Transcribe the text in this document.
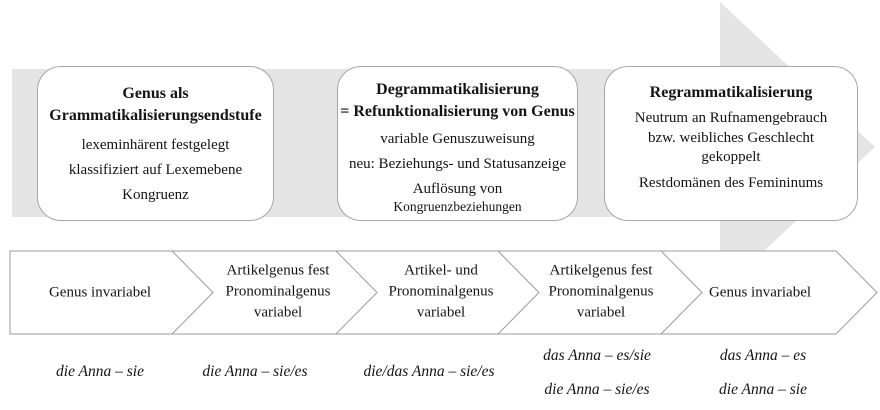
Genus als
Grammatikalisierungsendstufe
lexeminhärent festgelegt
klassifiziert auf Lexemebene
Kongruenz
Degrammatikalisierung
= Refunktionalisierung von Genus
variable Genuszuweisung
neu: Beziehungs- und Statusanzeige
Auflösung von
Kongruenzbeziehungen
Regrammatikalisierung
Neutrum an Rufnamengebrauch bzw. weibliches Geschlecht gekoppelt
Restdomänen des Femininums
Genus invariabel
Artikelgenus fest
Pronominalgenus
variabel
Artikel- und
Pronominalgenus
variabel
Artikelgenus fest
Pronominalgenus
variabel
Genus invariabel
die Anna – sie	die Anna – sie/es	die/das Anna – sie/es
das Anna – es/sie
die Anna – sie/es
das Anna – es
die Anna – sie
